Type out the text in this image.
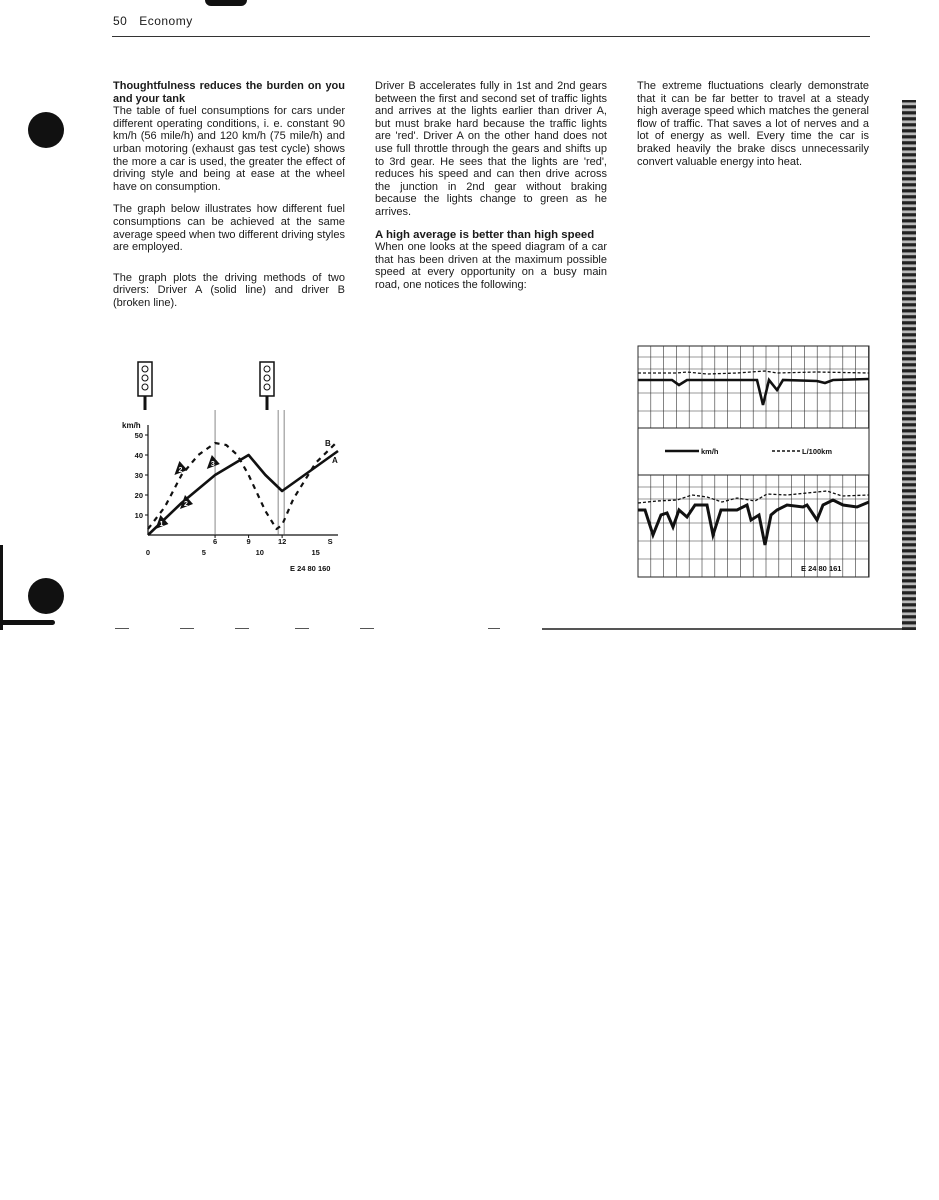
50 Economy
Thoughtfulness reduces the burden on you and your tank

The table of fuel consumptions for cars under different operating conditions, i. e. constant 90 km/h (56 mile/h) and 120 km/h (75 mile/h) and urban motoring (exhaust gas test cycle) shows the more a car is used, the greater the effect of driving style and being at ease at the wheel have on consumption.

The graph below illustrates how different fuel consumptions can be achieved at the same average speed when two different driving styles are employed.

The graph plots the driving methods of two drivers: Driver A (solid line) and driver B (broken line).

Driver B accelerates fully in 1st and 2nd gears between the first and second set of traffic lights and arrives at the lights earlier than driver A, but must brake hard because the traffic lights are 'red'. Driver A on the other hand does not use full throttle through the gears and shifts up to 3rd gear. He sees that the lights are 'red', reduces his speed and can then drive across the junction in 2nd gear without braking because the lights change to green as he arrives.

A high average is better than high speed

When one looks at the speed diagram of a car that has been driven at the maximum possible speed at every opportunity on a busy main road, one notices the following:

The extreme fluctuations clearly demonstrate that it can be far better to travel at a steady high average speed which matches the general flow of traffic. That saves a lot of nerves and a lot of energy as well. Every time the car is braked heavily the brake discs unnecessarily convert valuable energy into heat.

10
20
30
40
50
0	5	10	15
6	9	12	S
1
2
2
3
km/h
B
A
E 24 80 160
km/h	L/100km
E 24 80 161
